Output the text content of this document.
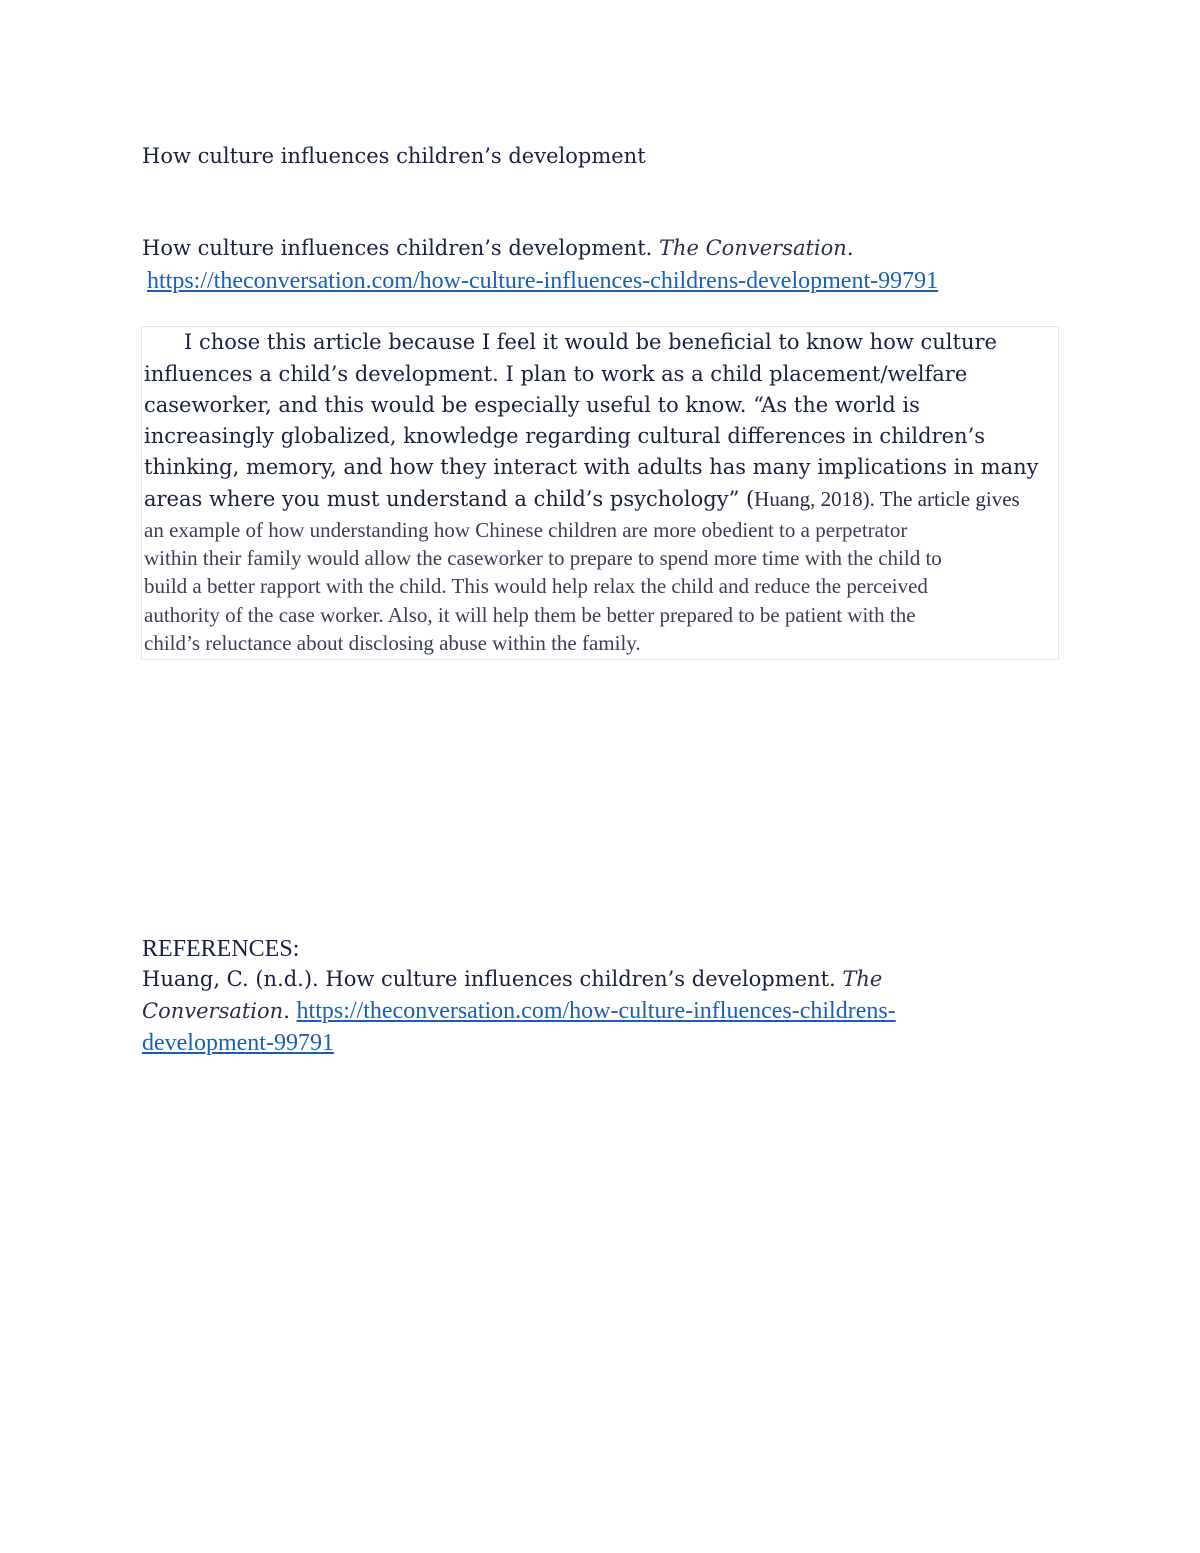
How culture influences children’s development
How culture influences children’s development. The Conversation.
https://theconversation.com/how-culture-influences-childrens-development-99791
I chose this article because I feel it would be beneficial to know how culture
influences a child’s development. I plan to work as a child placement/welfare
caseworker, and this would be especially useful to know. “As the world is
increasingly globalized, knowledge regarding cultural differences in children’s
thinking, memory, and how they interact with adults has many implications in many
areas where you must understand a child’s psychology” (Huang, 2018). The article gives
an example of how understanding how Chinese children are more obedient to a perpetrator
within their family would allow the caseworker to prepare to spend more time with the child to
build a better rapport with the child. This would help relax the child and reduce the perceived
authority of the case worker. Also, it will help them be better prepared to be patient with the
child’s reluctance about disclosing abuse within the family.
REFERENCES:
Huang, C. (n.d.). How culture influences children’s development. The
Conversation. https://theconversation.com/how-culture-influences-childrens-
development-99791
